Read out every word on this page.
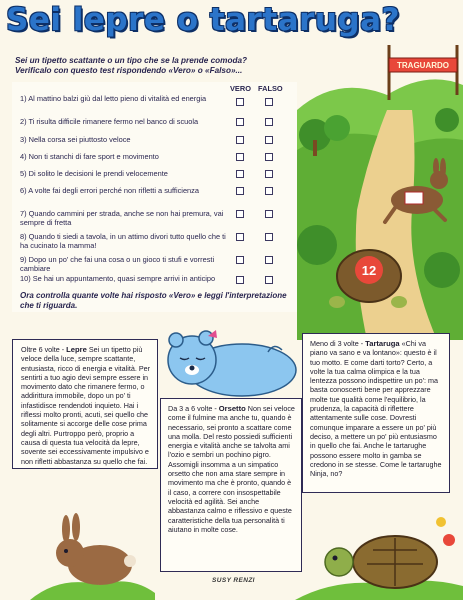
Sei lepre o tartaruga?
Sei un tipetto scattante o un tipo che se la prende comoda? Verificalo con questo test rispondendo «Vero» o «Falso»...
VERO FALSO
1) Al mattino balzi giù dal letto pieno di vitalità ed energia
2) Ti risulta difficile rimanere fermo nel banco di scuola
3) Nella corsa sei piuttosto veloce
4) Non ti stanchi di fare sport e movimento
5) Di solito le decisioni le prendi velocemente
6) A volte fai degli errori perché non rifletti a sufficienza
7) Quando cammini per strada, anche se non hai premura, vai sempre di fretta
8) Quando ti siedi a tavola, in un attimo divori tutto quello che ti ha cucinato la mamma!
9) Dopo un po' che fai una cosa o un gioco ti stufi e vorresti cambiare
10) Se hai un appuntamento, quasi sempre arrivi in anticipo
Ora controlla quante volte hai risposto «Vero» e leggi l'interpretazione che ti riguarda.
TRAGUARDO
12
Oltre 6 volte - Lepre Sei un tipetto più veloce della luce, sempre scattante, entusiasta, ricco di energia e vitalità. Per sentirti a tuo agio devi sempre essere in movimento dato che rimanere fermo, o addirittura immobile, dopo un po' ti infastidisce rendendoti inquieto. Hai i riflessi molto pronti, acuti, sei quello che solitamente si accorge delle cose prima degli altri. Purtroppo però, proprio a causa di questa tua velocità da lepre, sovente sei eccessivamente impulsivo e non rifletti abbastanza su quello che fai.
Da 3 a 6 volte - Orsetto Non sei veloce come il fulmine ma anche tu, quando è necessario, sei pronto a scattare come una molla. Del resto possiedi sufficienti energia e vitalità anche se talvolta ami l'ozio e sembri un pochino pigro. Assomigli insomma a un simpatico orsetto che non ama stare sempre in movimento ma che è pronto, quando è il caso, a correre con insospettabile velocità ed agilità. Sei anche abbastanza calmo e riflessivo e queste caratteristiche della tua personalità ti aiutano in molte cose.
Meno di 3 volte - Tartaruga «Chi va piano va sano e va lontano»: questo è il tuo motto. E come darti torto? Certo, a volte la tua calma olimpica e la tua lentezza possono indispettire un po': ma basta conoscerti bene per apprezzare molte tue qualità come l'equilibrio, la prudenza, la capacità di riflettere attentamente sulle cose. Dovresti comunque imparare a essere un po' più deciso, a mettere un po' più entusiasmo in quello che fai. Anche le tartarughe possono essere molto in gamba se credono in se stesse. Come le tartarughe Ninja, no?
SUSY RENZI
